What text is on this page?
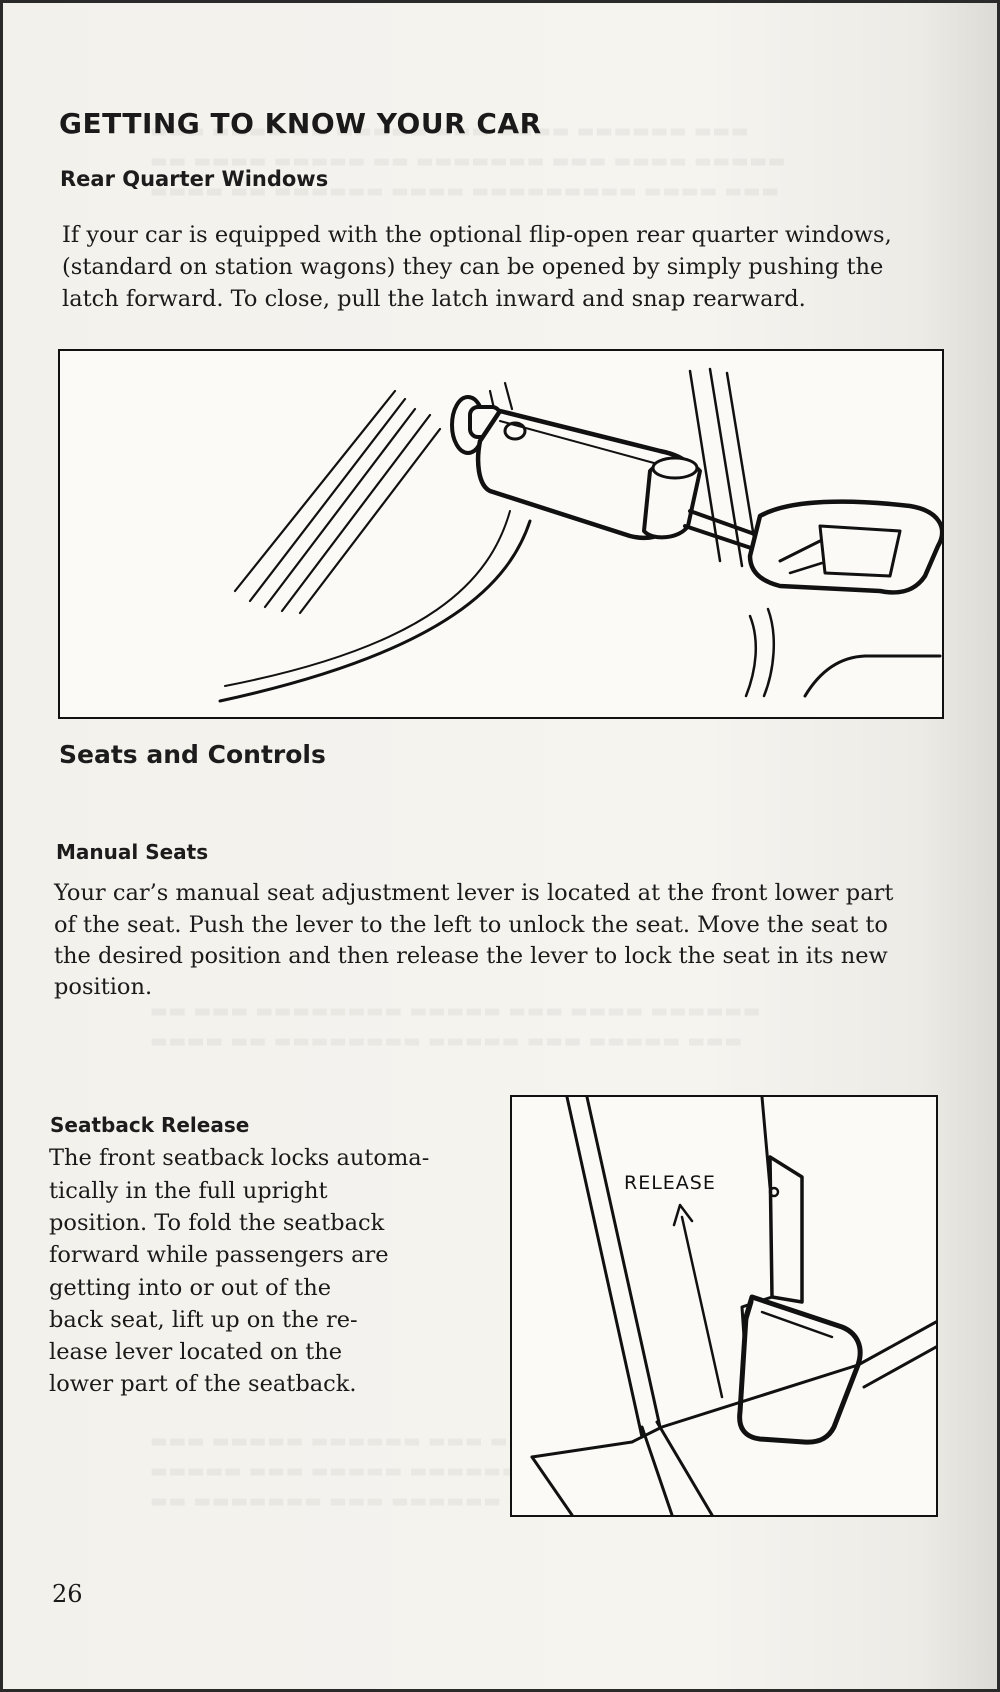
GETTING TO KNOW YOUR CAR
Rear Quarter Windows

If your car is equipped with the optional flip-open rear quarter windows,

(standard on station wagons) they can be opened by simply pushing the

latch forward. To close, pull the latch inward and snap rearward.

Seats and Controls
Manual Seats

Your car’s manual seat adjustment lever is located at the front lower part

of the seat. Push the lever to the left to unlock the seat. Move the seat to

the desired position and then release the lever to lock the seat in its new

position.

Seatback Release

The front seatback locks automa-

tically in the full upright

position. To fold the seatback

forward while passengers are

getting into or out of the

back seat, lift up on the re-

lease lever located on the

lower part of the seatback.

RELEASE
26
